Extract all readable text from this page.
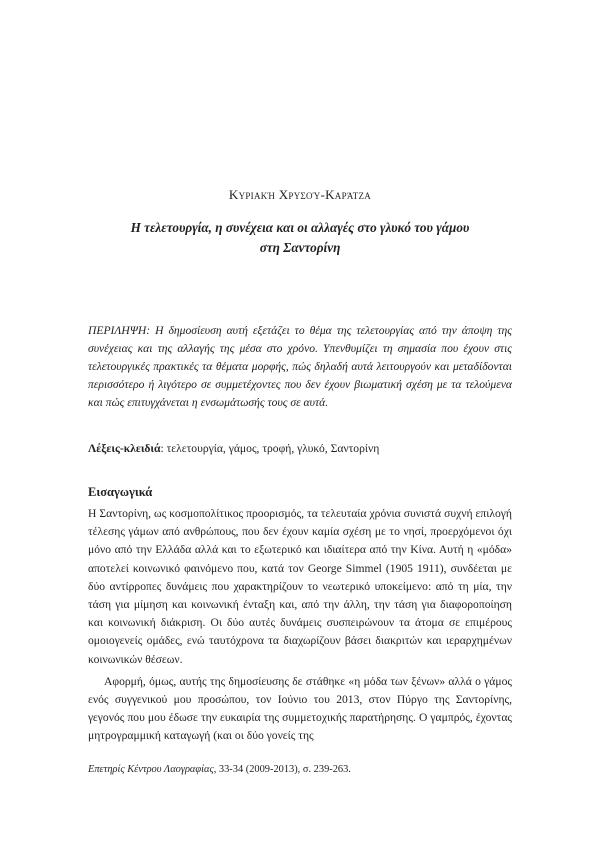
Κυριακή Χρυσού-Καράτζα
Η τελετουργία, η συνέχεια και οι αλλαγές στο γλυκό του γάμου
στη Σαντορίνη
ΠΕΡΙΛΗΨΗ: Η δημοσίευση αυτή εξετάζει το θέμα της τελετουργίας από την άποψη της συνέχειας και της αλλαγής της μέσα στο χρόνο. Υπενθυμίζει τη σημασία που έχουν στις τελετουργικές πρακτικές τα θέματα μορφής, πώς δηλαδή αυτά λειτουργούν και μεταδίδονται περισσότερο ή λιγότερο σε συμμετέχοντες που δεν έχουν βιωματική σχέση με τα τελούμενα και πώς επιτυγχάνεται η ενσωμάτωσής τους σε αυτά.
Λέξεις-κλειδιά: τελετουργία, γάμος, τροφή, γλυκό, Σαντορίνη
Εισαγωγικά

Η Σαντορίνη, ως κοσμοπολίτικος προορισμός, τα τελευταία χρόνια συνιστά συχνή επιλογή τέλεσης γάμων από ανθρώπους, που δεν έχουν καμία σχέση με το νησί, προερχόμενοι όχι μόνο από την Ελλάδα αλλά και το εξωτερικό και ιδιαίτερα από την Κίνα. Αυτή η «μόδα» αποτελεί κοινωνικό φαινόμενο που, κατά τον George Simmel (1905 1911), συνδέεται με δύο αντίρροπες δυνάμεις που χαρακτηρίζουν το νεωτερικό υποκείμενο: από τη μία, την τάση για μίμηση και κοινωνική ένταξη και, από την άλλη, την τάση για διαφοροποίηση και κοινωνική διάκριση. Οι δύο αυτές δυνάμεις συσπειρώνουν τα άτομα σε επιμέρους ομοιογενείς ομάδες, ενώ ταυτόχρονα τα διαχωρίζουν βάσει διακριτών και ιεραρχημένων κοινωνικών θέσεων.

Αφορμή, όμως, αυτής της δημοσίευσης δε στάθηκε «η μόδα των ξένων» αλλά ο γάμος ενός συγγενικού μου προσώπου, τον Ιούνιο του 2013, στον Πύργο της Σαντορίνης, γεγονός που μου έδωσε την ευκαιρία της συμμετοχικής παρατήρησης. Ο γαμπρός, έχοντας μητρογραμμική καταγωγή (και οι δύο γονείς της

Επετηρίς Κέντρου Λαογραφίας, 33-34 (2009-2013), σ. 239-263.
